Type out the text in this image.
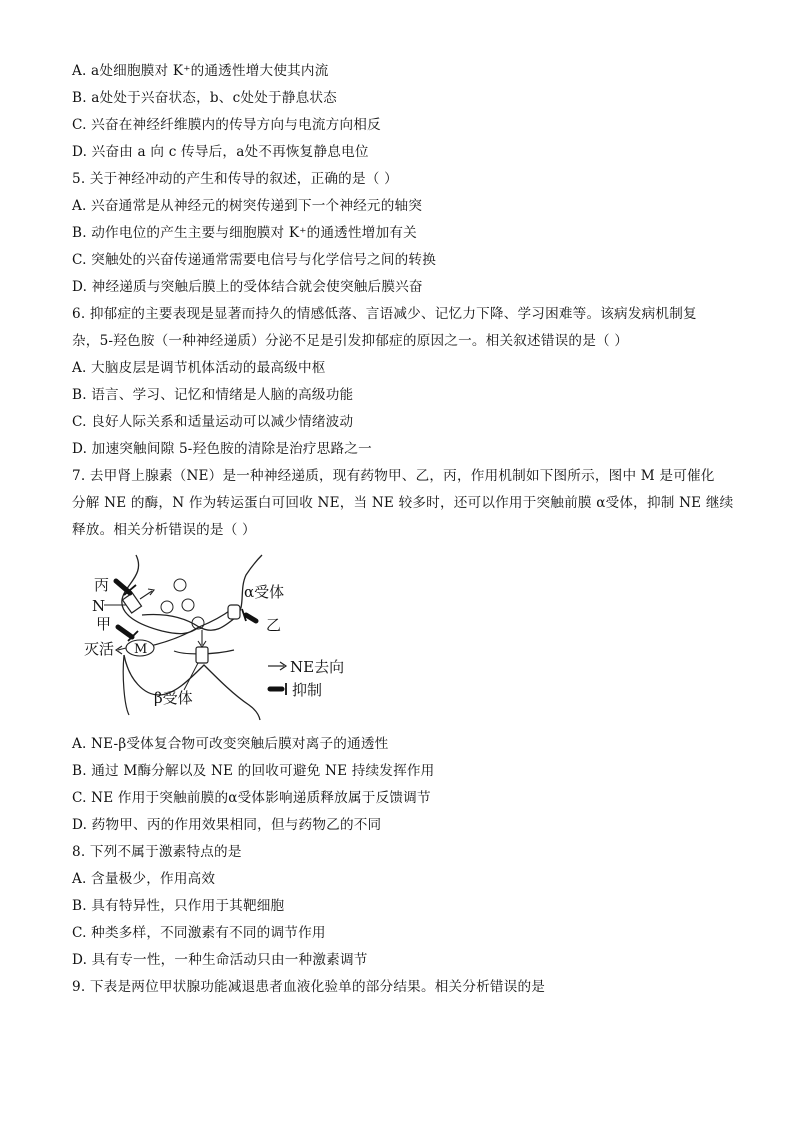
A. a处细胞膜对 K⁺的通透性增大使其内流
B. a处处于兴奋状态，b、c处处于静息状态
C. 兴奋在神经纤维膜内的传导方向与电流方向相反
D. 兴奋由 a 向 c 传导后，a处不再恢复静息电位
5. 关于神经冲动的产生和传导的叙述，正确的是（ ）
A. 兴奋通常是从神经元的树突传递到下一个神经元的轴突
B. 动作电位的产生主要与细胞膜对 K⁺的通透性增加有关
C. 突触处的兴奋传递通常需要电信号与化学信号之间的转换
D. 神经递质与突触后膜上的受体结合就会使突触后膜兴奋
6. 抑郁症的主要表现是显著而持久的情感低落、言语减少、记忆力下降、学习困难等。该病发病机制复
杂，5-羟色胺（一种神经递质）分泌不足是引发抑郁症的原因之一。相关叙述错误的是（ ）
A. 大脑皮层是调节机体活动的最高级中枢
B. 语言、学习、记忆和情绪是人脑的高级功能
C. 良好人际关系和适量运动可以减少情绪波动
D. 加速突触间隙 5-羟色胺的清除是治疗思路之一
7. 去甲肾上腺素（NE）是一种神经递质，现有药物甲、乙，丙，作用机制如下图所示，图中 M 是可催化
分解 NE 的酶，N 作为转运蛋白可回收 NE，当 NE 较多时，还可以作用于突触前膜 α受体，抑制 NE 继续
释放。相关分析错误的是（ ）
丙
N
甲
灭活 M
α受体
乙
β受体
NE去向
抑制
A. NE-β受体复合物可改变突触后膜对离子的通透性
B. 通过 M酶分解以及 NE 的回收可避免 NE 持续发挥作用
C. NE 作用于突触前膜的α受体影响递质释放属于反馈调节
D. 药物甲、丙的作用效果相同，但与药物乙的不同
8. 下列不属于激素特点的是
A. 含量极少，作用高效
B. 具有特异性，只作用于其靶细胞
C. 种类多样，不同激素有不同的调节作用
D. 具有专一性，一种生命活动只由一种激素调节
9. 下表是两位甲状腺功能减退患者血液化验单的部分结果。相关分析错误的是
